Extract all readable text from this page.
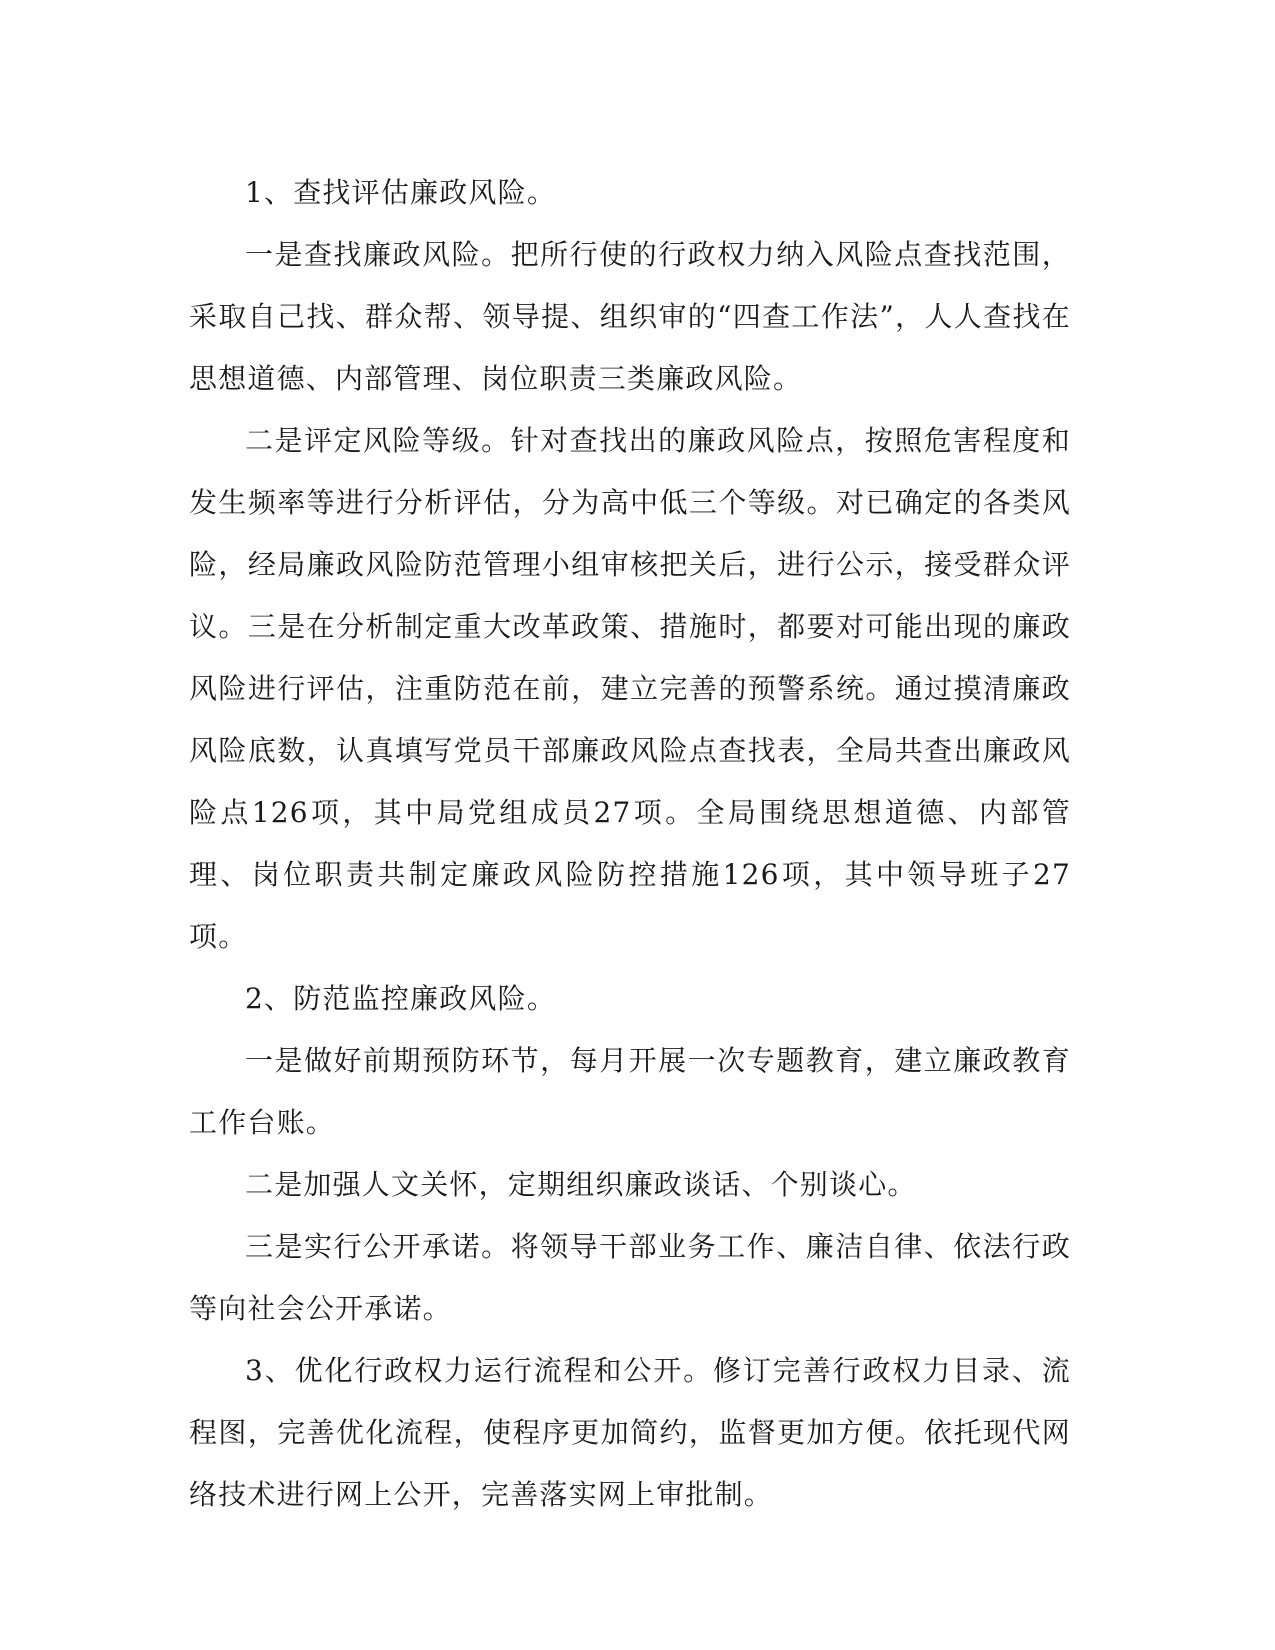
1、查找评估廉政风险。

一是查找廉政风险。把所行使的行政权力纳入风险点查找范围，采取自己找、群众帮、领导提、组织审的“四查工作法”，人人查找在思想道德、内部管理、岗位职责三类廉政风险。

二是评定风险等级。针对查找出的廉政风险点，按照危害程度和发生频率等进行分析评估，分为高中低三个等级。对已确定的各类风险，经局廉政风险防范管理小组审核把关后，进行公示，接受群众评议。三是在分析制定重大改革政策、措施时，都要对可能出现的廉政风险进行评估，注重防范在前，建立完善的预警系统。通过摸清廉政风险底数，认真填写党员干部廉政风险点查找表，全局共查出廉政风险点126项，其中局党组成员27项。全局围绕思想道德、内部管理、岗位职责共制定廉政风险防控措施126项，其中领导班子27项。

2、防范监控廉政风险。

一是做好前期预防环节，每月开展一次专题教育，建立廉政教育工作台账。

二是加强人文关怀，定期组织廉政谈话、个别谈心。

三是实行公开承诺。将领导干部业务工作、廉洁自律、依法行政等向社会公开承诺。

3、优化行政权力运行流程和公开。修订完善行政权力目录、流程图，完善优化流程，使程序更加简约，监督更加方便。依托现代网络技术进行网上公开，完善落实网上审批制。
